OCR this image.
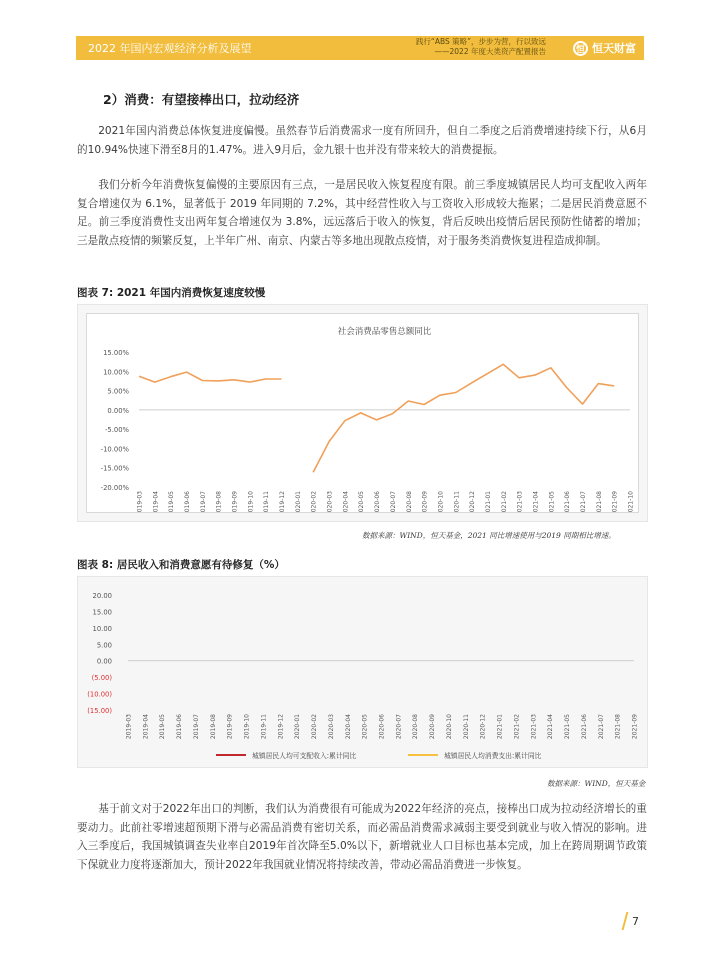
2022 年国内宏观经济分析及展望
践行“ABS 策略”，步步为营，行以致远
——2022 年度大类资产配置报告	恒 恒天财富
2）消费：有望接棒出口，拉动经济

2021年国内消费总体恢复进度偏慢。虽然春节后消费需求一度有所回升，但自二季度之后消费增速持续下行，从6月的10.94%快速下滑至8月的1.47%。进入9月后，金九银十也并没有带来较大的消费提振。

我们分析今年消费恢复偏慢的主要原因有三点，一是居民收入恢复程度有限。前三季度城镇居民人均可支配收入两年复合增速仅为 6.1%，显著低于 2019 年同期的 7.2%，其中经营性收入与工资收入形成较大拖累；二是居民消费意愿不足。前三季度消费性支出两年复合增速仅为 3.8%，远远落后于收入的恢复，背后反映出疫情后居民预防性储蓄的增加；三是散点疫情的频繁反复，上半年广州、南京、内蒙古等多地出现散点疫情，对于服务类消费恢复进程造成抑制。

图表 7: 2021 年国内消费恢复速度较慢
社会消费品零售总额同比
15.00%
10.00%
5.00%
0.00%
-5.00%
-10.00%
-15.00%
-20.00%
2019-03 2019-04 2019-05 2019-06 2019-07 2019-08 2019-09 2019-10 2019-11 2019-12 2020-01 2020-02 2020-03 2020-04 2020-05 2020-06 2020-07 2020-08 2020-09 2020-10 2020-11 2020-12 2021-01 2021-02 2021-03 2021-04 2021-05 2021-06 2021-07 2021-08 2021-09 2021-10
数据来源：WIND，恒天基金，2021 同比增速使用与2019 同期相比增速。
图表 8: 居民收入和消费意愿有待修复（%）
20.00
15.00
10.00
5.00
0.00
(5.00)
(10.00)
(15.00)
2019-03 2019-04 2019-05 2019-06 2019-07 2019-08 2019-09 2019-10 2019-11 2019-12 2020-01 2020-02 2020-03 2020-04 2020-05 2020-06 2020-07 2020-08 2020-09 2020-10 2020-11 2020-12 2021-01 2021-02 2021-03 2021-04 2021-05 2021-06 2021-07 2021-08 2021-09
城镇居民人均可支配收入:累计同比	城镇居民人均消费支出:累计同比
数据来源：WIND，恒天基金

基于前文对于2022年出口的判断，我们认为消费很有可能成为2022年经济的亮点，接棒出口成为拉动经济增长的重要动力。此前社零增速超预期下滑与必需品消费有密切关系，而必需品消费需求减弱主要受到就业与收入情况的影响。进入三季度后，我国城镇调查失业率自2019年首次降至5.0%以下，新增就业人口目标也基本完成，加上在跨周期调节政策下保就业力度将逐渐加大，预计2022年我国就业情况将持续改善，带动必需品消费进一步恢复。

7
